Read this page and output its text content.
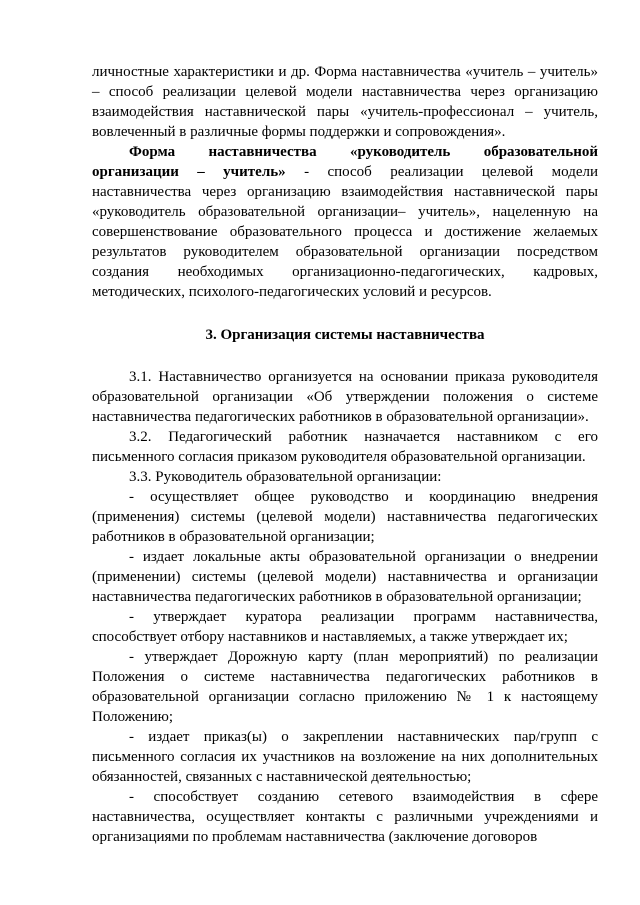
личностные характеристики и др. Форма наставничества «учитель – учитель» – способ реализации целевой модели наставничества через организацию взаимодействия наставнической пары «учитель-профессионал – учитель, вовлеченный в различные формы поддержки и сопровождения».

Форма наставничества «руководитель образовательной организации – учитель» - способ реализации целевой модели наставничества через организацию взаимодействия наставнической пары «руководитель образовательной организации– учитель», нацеленную на совершенствование образовательного процесса и достижение желаемых результатов руководителем образовательной организации посредством создания необходимых организационно-педагогических, кадровых, методических, психолого-педагогических условий и ресурсов.

3. Организация системы наставничества

3.1. Наставничество организуется на основании приказа руководителя образовательной организации «Об утверждении положения о системе наставничества педагогических работников в образовательной организации».

3.2. Педагогический работник назначается наставником с его письменного согласия приказом руководителя образовательной организации.

3.3. Руководитель образовательной организации:

- осуществляет общее руководство и координацию внедрения (применения) системы (целевой модели) наставничества педагогических работников в образовательной организации;

- издает локальные акты образовательной организации о внедрении (применении) системы (целевой модели) наставничества и организации наставничества педагогических работников в образовательной организации;

- утверждает куратора реализации программ наставничества, способствует отбору наставников и наставляемых, а также утверждает их;

- утверждает Дорожную карту (план мероприятий) по реализации Положения о системе наставничества педагогических работников в образовательной организации согласно приложению № 1 к настоящему Положению;

- издает приказ(ы) о закреплении наставнических пар/групп с письменного согласия их участников на возложение на них дополнительных обязанностей, связанных с наставнической деятельностью;

- способствует созданию сетевого взаимодействия в сфере наставничества, осуществляет контакты с различными учреждениями и организациями по проблемам наставничества (заключение договоров
